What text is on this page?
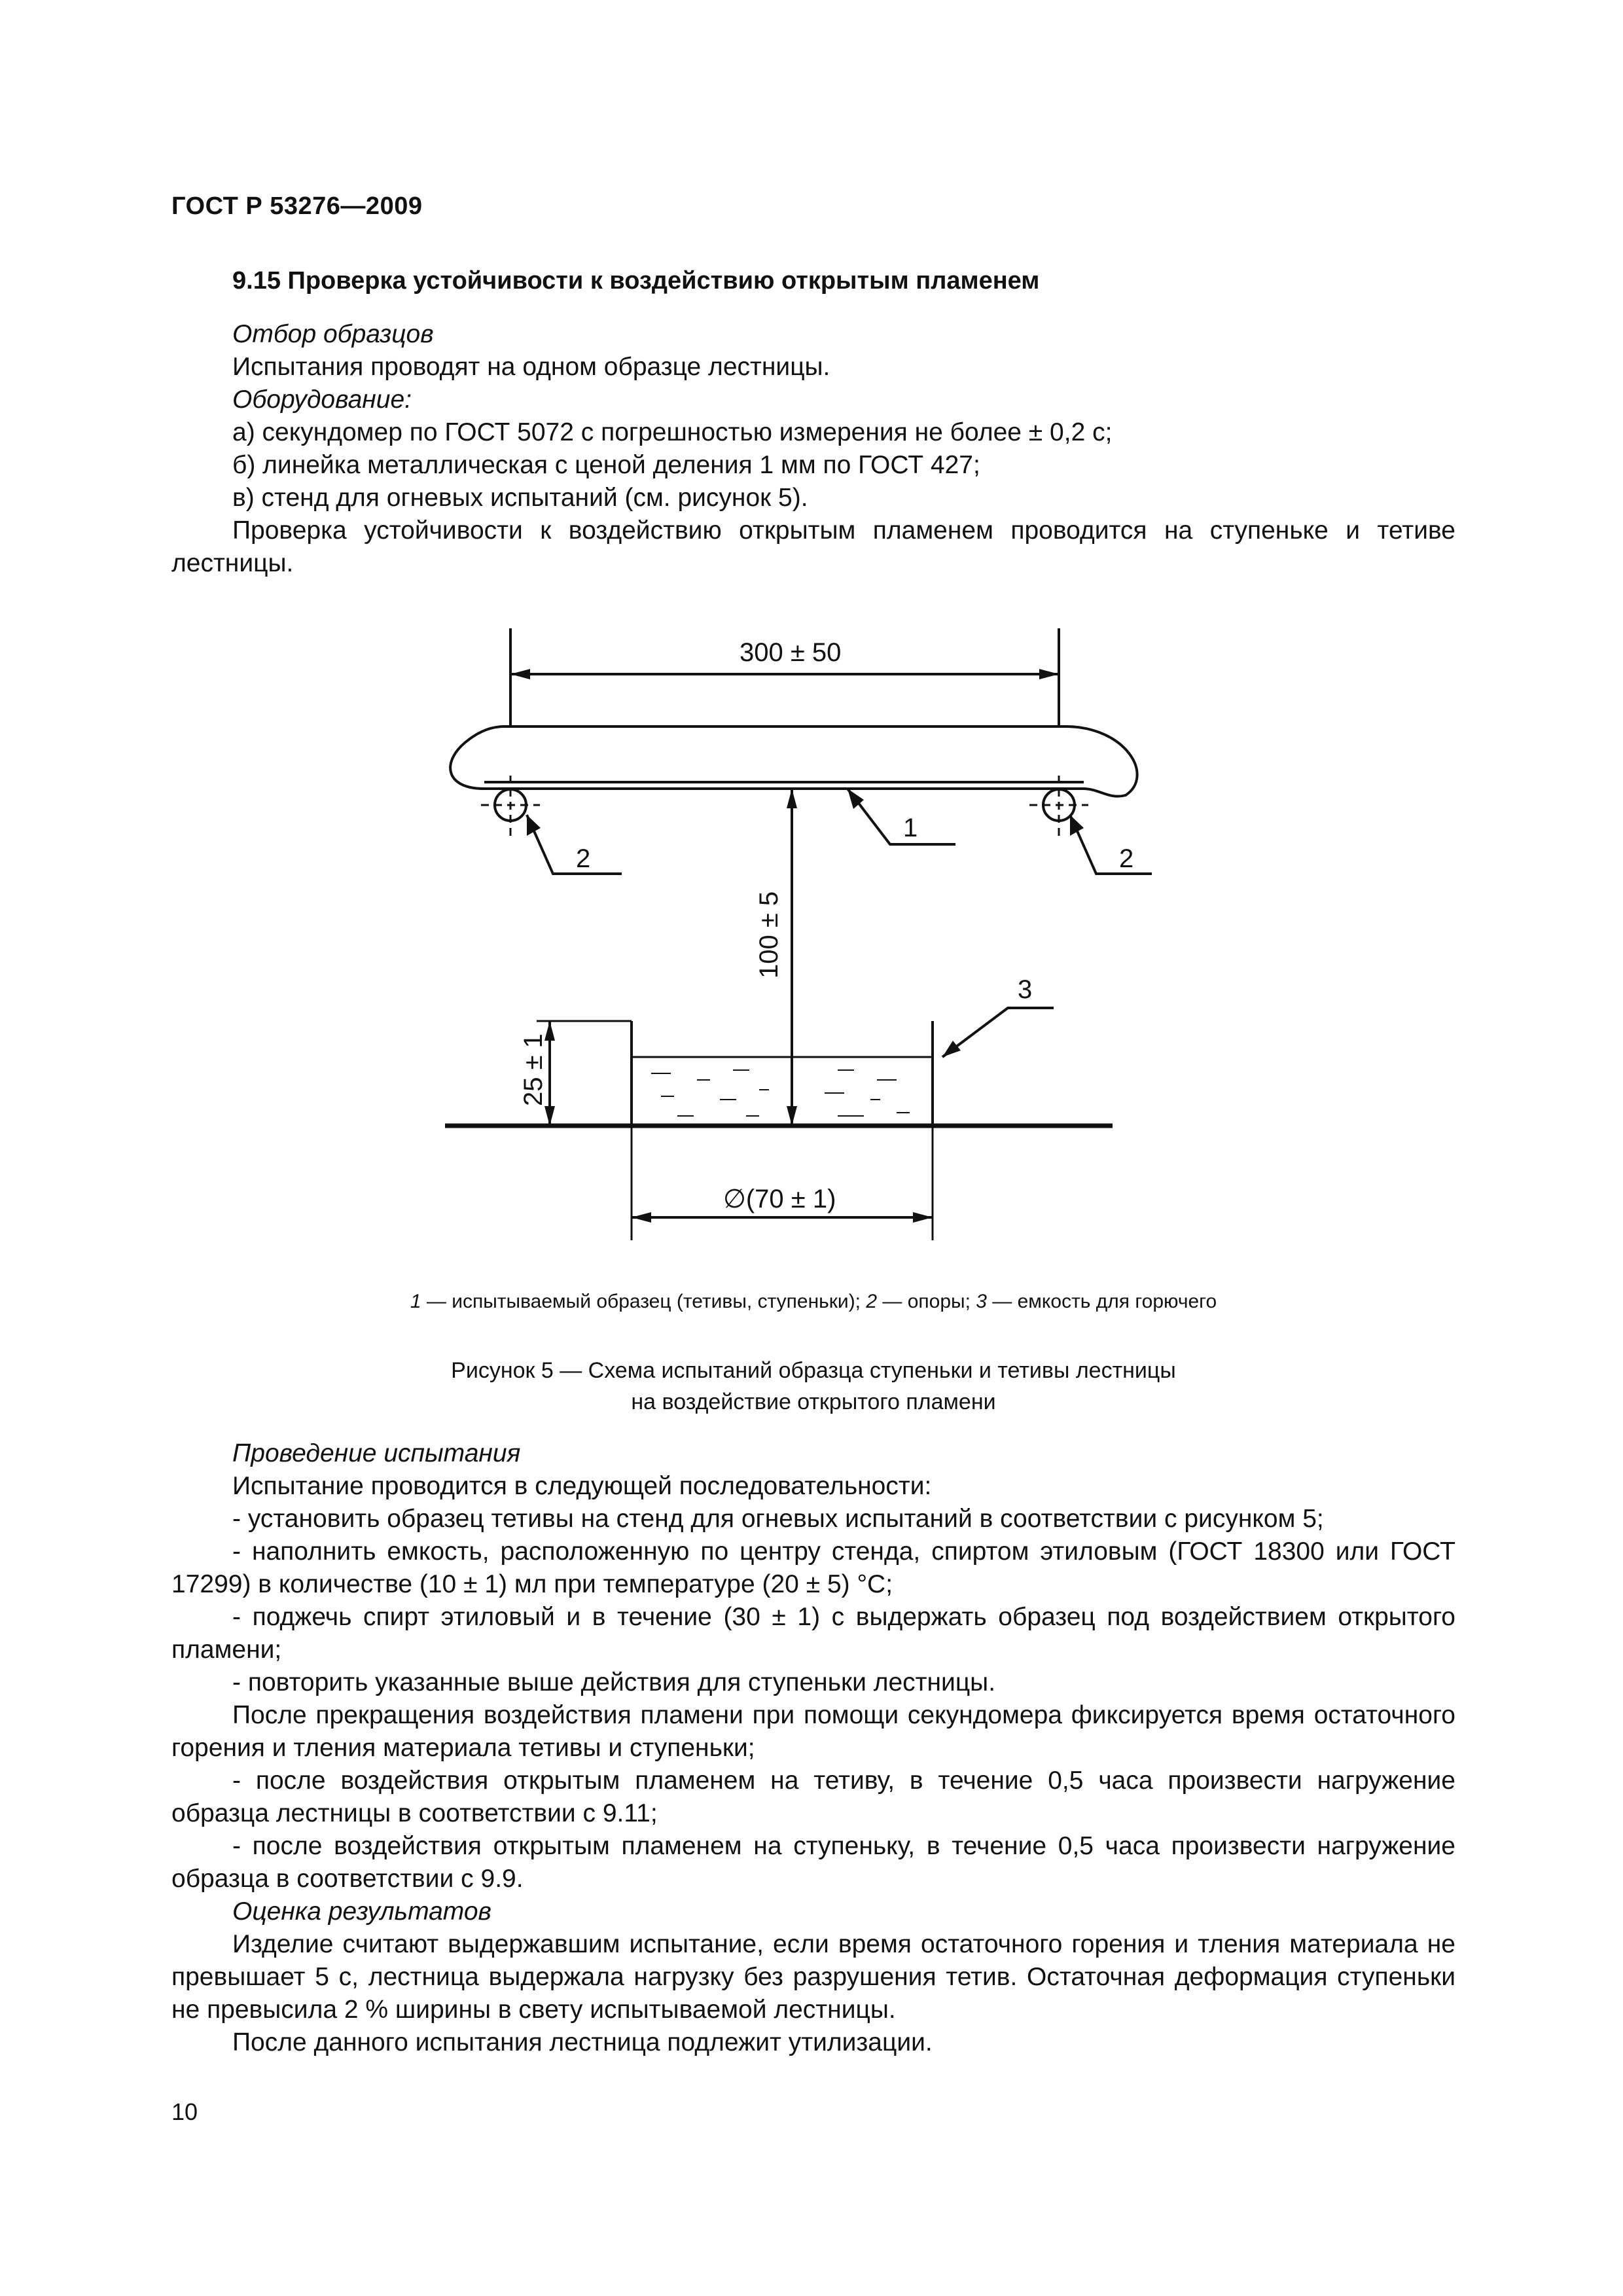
ГОСТ Р 53276—2009
9.15 Проверка устойчивости к воздействию открытым пламенем

Отбор образцов

Испытания проводят на одном образце лестницы.

Оборудование:

а) секундомер по ГОСТ 5072 с погрешностью измерения не более ± 0,2 с;

б) линейка металлическая с ценой деления 1 мм по ГОСТ 427;

в) стенд для огневых испытаний (см. рисунок 5).

Проверка устойчивости к воздействию открытым пламенем проводится на ступеньке и тетиве лестницы.

300 ± 50
100 ± 5
25 ± 1
∅(70 ± 1)
2	2
1
3
1 — испытываемый образец (тетивы, ступеньки); 2 — опоры; 3 — емкость для горючего
Рисунок 5 — Схема испытаний образца ступеньки и тетивы лестницы
на воздействие открытого пламени

Проведение испытания

Испытание проводится в следующей последовательности:

- установить образец тетивы на стенд для огневых испытаний в соответствии с рисунком 5;

- наполнить емкость, расположенную по центру стенда, спиртом этиловым (ГОСТ 18300 или ГОСТ 17299) в количестве (10 ± 1) мл при температуре (20 ± 5) °С;

- поджечь спирт этиловый и в течение (30 ± 1) с выдержать образец под воздействием открытого пламени;

- повторить указанные выше действия для ступеньки лестницы.

После прекращения воздействия пламени при помощи секундомера фиксируется время остаточного горения и тления материала тетивы и ступеньки;

- после воздействия открытым пламенем на тетиву, в течение 0,5 часа произвести нагружение образца лестницы в соответствии с 9.11;

- после воздействия открытым пламенем на ступеньку, в течение 0,5 часа произвести нагружение образца в соответствии с 9.9.

Оценка результатов

Изделие считают выдержавшим испытание, если время остаточного горения и тления материала не превышает 5 с, лестница выдержала нагрузку без разрушения тетив. Остаточная деформация ступеньки не превысила 2 % ширины в свету испытываемой лестницы.

После данного испытания лестница подлежит утилизации.

10
